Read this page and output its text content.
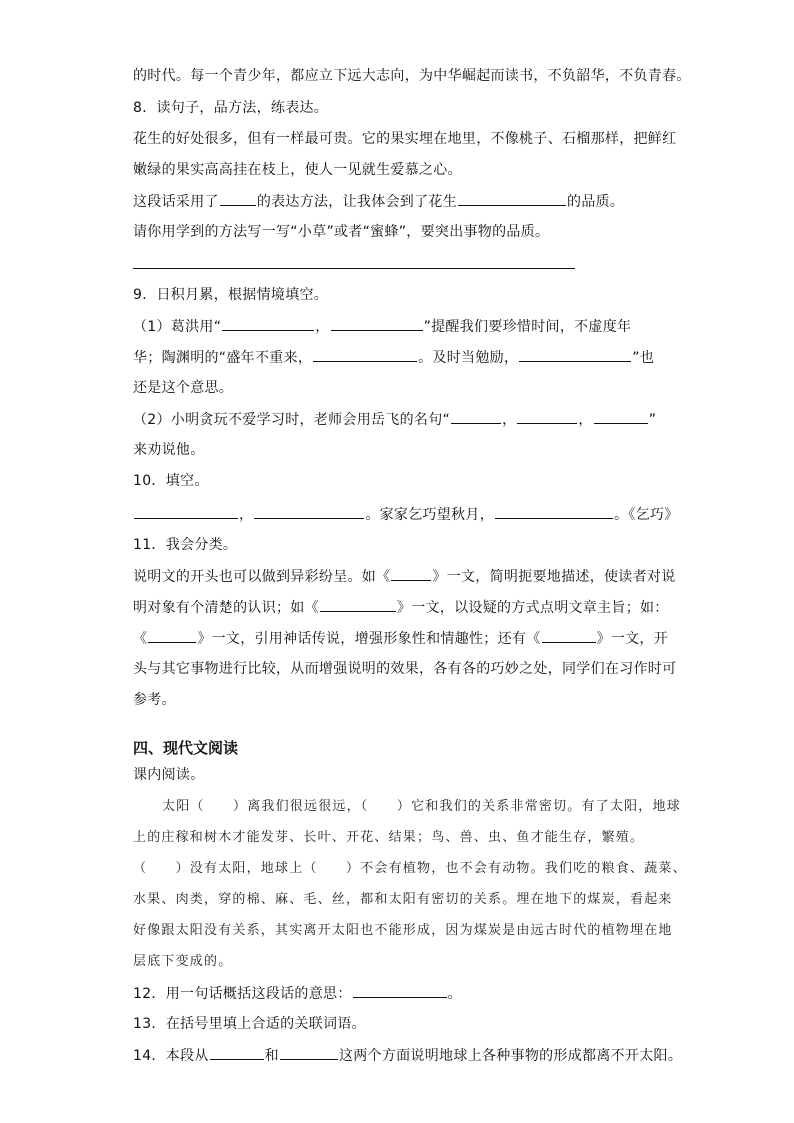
的时代。每一个青少年，都应立下远大志向，为中华崛起而读书，不负韶华，不负青春。
8．读句子，品方法，练表达。
花生的好处很多，但有一样最可贵。它的果实埋在地里，不像桃子、石榴那样，把鲜红
嫩绿的果实高高挂在枝上，使人一见就生爱慕之心。
这段话采用了	的表达方法，让我体会到了花生	的品质。
请你用学到的方法写一写“小草”或者“蜜蜂”，要突出事物的品质。
9．日积月累，根据情境填空。
（1）葛洪用“	，	”提醒我们要珍惜时间，不虚度年
华；陶渊明的“盛年不重来，	。及时当勉励，	”也
还是这个意思。
（2）小明贪玩不爱学习时，老师会用岳飞的名句“	，	，	”
来劝说他。
10．填空。
，	。家家乞巧望秋月，	。《乞巧》
11．我会分类。
说明文的开头也可以做到异彩纷呈。如《	》一文，简明扼要地描述，使读者对说
明对象有个清楚的认识；如《	》一文，以设疑的方式点明文章主旨；如：
《	》一文，引用神话传说，增强形象性和情趣性；还有《	》一文，开
头与其它事物进行比较，从而增强说明的效果，各有各的巧妙之处，同学们在习作时可
参考。
四、现代文阅读
课内阅读。
太阳（　　）离我们很远很远，（　　）它和我们的关系非常密切。有了太阳，地球
上的庄稼和树木才能发芽、长叶、开花、结果；鸟、兽、虫、鱼才能生存，繁殖。
（　　）没有太阳，地球上（　　）不会有植物，也不会有动物。我们吃的粮食、蔬菜、
水果、肉类，穿的棉、麻、毛、丝，都和太阳有密切的关系。埋在地下的煤炭，看起来
好像跟太阳没有关系，其实离开太阳也不能形成，因为煤炭是由远古时代的植物埋在地
层底下变成的。
12．用一句话概括这段话的意思：	。
13．在括号里填上合适的关联词语。
14．本段从	和	这两个方面说明地球上各种事物的形成都离不开太阳。
